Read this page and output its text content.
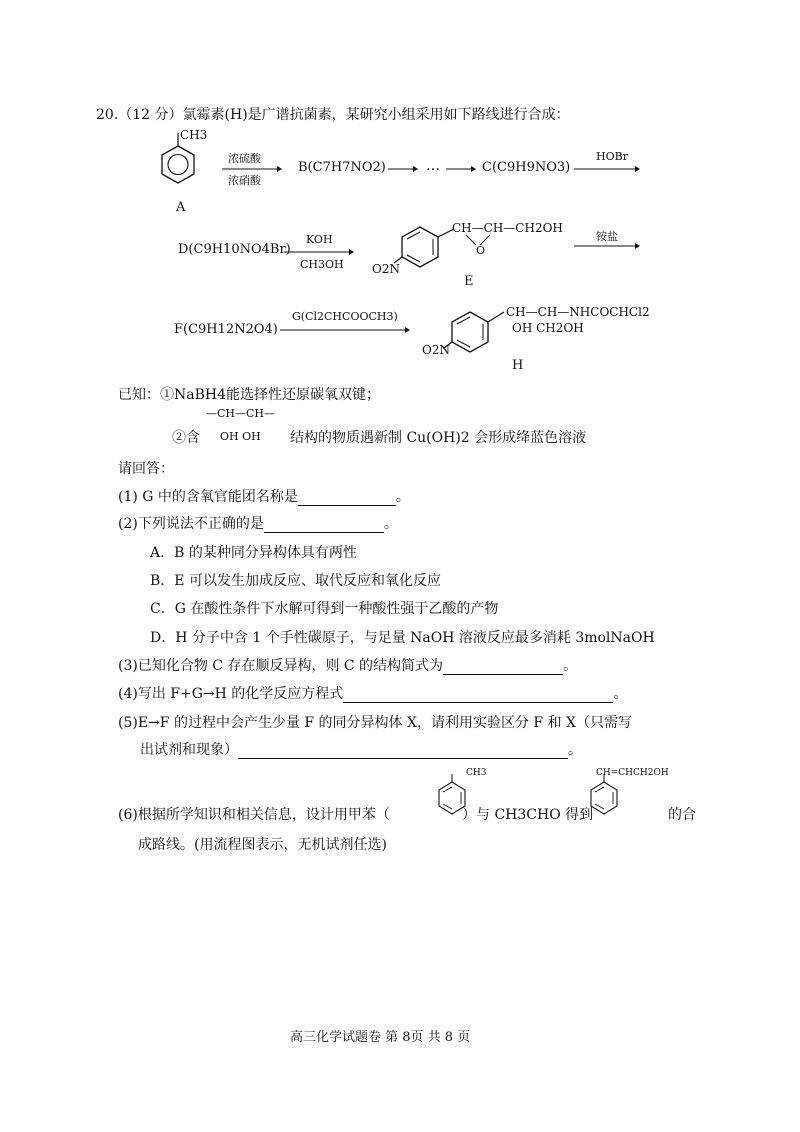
20.（12 分）氯霉素(H)是广谱抗菌素，某研究小组采用如下路线进行合成：
CH3
A
浓硫酸
浓硝酸
B(C7H7NO2)	…	C(C9H9NO3)
HOBr
D(C9H10NO4Br)
KOH
CH3OH
CH—CH—CH2OH
O
O2N
E
铵盐
F(C9H12N2O4)
G(Cl2CHCOOCH3)	CH—CH—NHCOCHCl2
OH CH2OH
O2N
H
已知：①NaBH4能选择性还原碳氧双键；
—CH—CH—
②含 OH OH 结构的物质遇新制 Cu(OH)2 会形成绛蓝色溶液
请回答：
(1) G 中的含氧官能团名称是	。
(2)下列说法不正确的是	。
A．B 的某种同分异构体具有两性
B．E 可以发生加成反应、取代反应和氧化反应
C．G 在酸性条件下水解可得到一种酸性强于乙酸的产物
D．H 分子中含 1 个手性碳原子，与足量 NaOH 溶液反应最多消耗 3molNaOH
(3)已知化合物 C 存在顺反异构，则 C 的结构简式为	。
(4)写出 F+G→H 的化学反应方程式	。
(5)E→F 的过程中会产生少量 F 的同分异构体 X，请利用实验区分 F 和 X（只需写
出试剂和现象）	。
CH3	CH=CHCH2OH
(6)根据所学知识和相关信息，设计用甲苯（	）与 CH3CHO 得到	的合
成路线。(用流程图表示，无机试剂任选)
高三化学试题卷 第 8页 共 8 页
